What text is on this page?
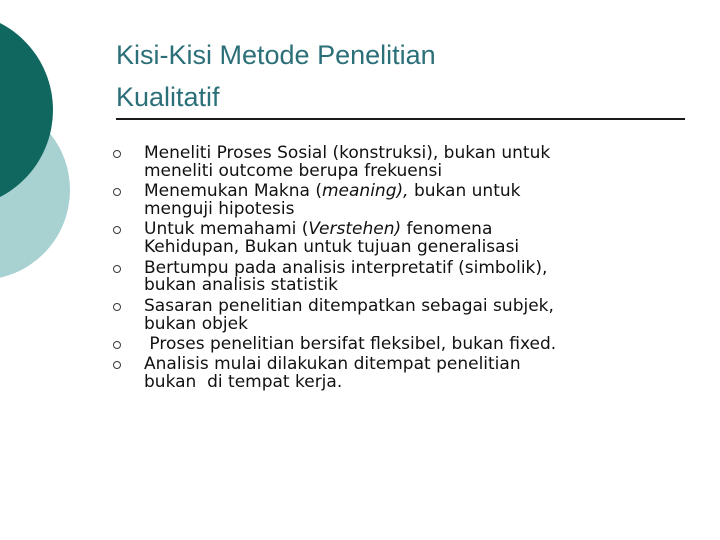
Kisi-Kisi Metode Penelitian
Kualitatif
Meneliti Proses Sosial (konstruksi), bukan untuk
meneliti outcome berupa frekuensi
Menemukan Makna (meaning), bukan untuk
menguji hipotesis
Untuk memahami (Verstehen) fenomena
Kehidupan, Bukan untuk tujuan generalisasi
Bertumpu pada analisis interpretatif (simbolik),
bukan analisis statistik
Sasaran penelitian ditempatkan sebagai subjek,
bukan objek
Proses penelitian bersifat fleksibel, bukan fixed.
Analisis mulai dilakukan ditempat penelitian
bukan  di tempat kerja.
